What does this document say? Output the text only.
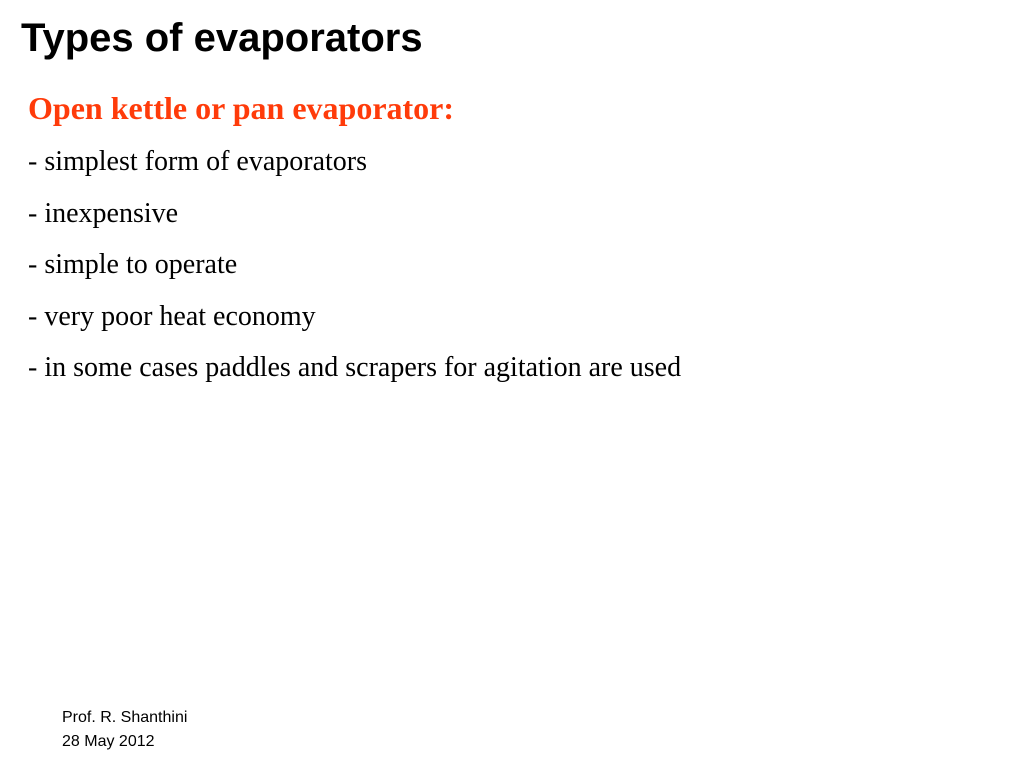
Types of evaporators
Open kettle or pan evaporator:
- simplest form of evaporators
- inexpensive
- simple to operate
- very poor heat economy
- in some cases paddles and scrapers for agitation are used
Prof. R. Shanthini
28 May 2012
